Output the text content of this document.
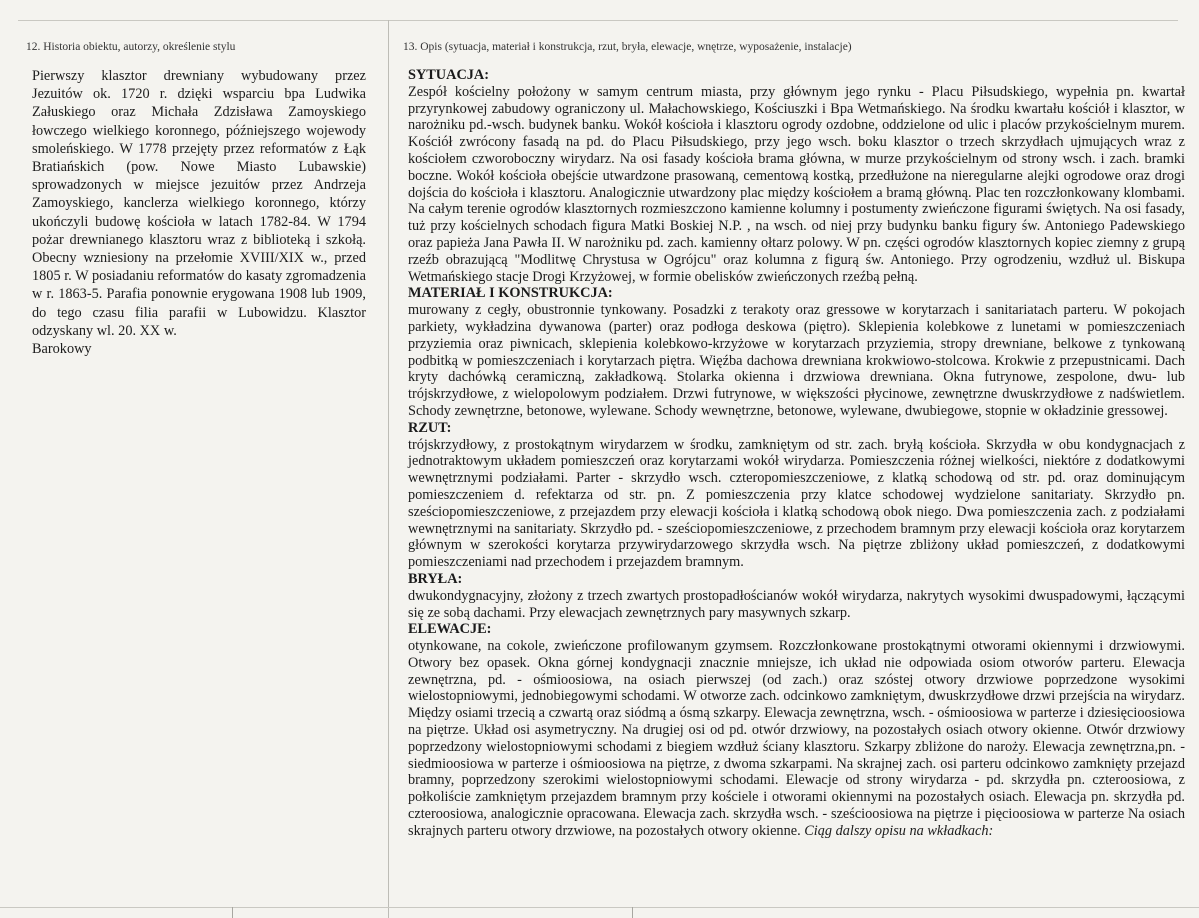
12. Historia obiektu, autorzy, określenie stylu

Pierwszy klasztor drewniany wybudowany przez Jezuitów ok. 1720 r. dzięki wsparciu bpa Ludwika Załuskiego oraz Michała Zdzisława Zamoyskiego łowczego wielkiego koronnego, późniejszego wojewody smoleńskiego. W 1778 przejęty przez reformatów z Łąk Bratiańskich (pow. Nowe Miasto Lubawskie) sprowadzonych w miejsce jezuitów przez Andrzeja Zamoyskiego, kanclerza wielkiego koronnego, którzy ukończyli budowę kościoła w latach 1782-84. W 1794 pożar drewnianego klasztoru wraz z biblioteką i szkołą. Obecny wzniesiony na przełomie XVIII/XIX w., przed 1805 r. W posiadaniu reformatów do kasaty zgromadzenia w r. 1863-5. Parafia ponownie erygowana 1908 lub 1909, do tego czasu filia parafii w Lubowidzu. Klasztor odzyskany wl. 20. XX w.

Barokowy

13. Opis (sytuacja, materiał i konstrukcja, rzut, bryła, elewacje, wnętrze, wyposażenie, instalacje)

SYTUACJA:

Zespół kościelny położony w samym centrum miasta, przy głównym jego rynku - Placu Piłsudskiego, wypełnia pn. kwartał przyrynkowej zabudowy ograniczony ul. Małachowskiego, Kościuszki i Bpa Wetmańskiego. Na środku kwartału kościół i klasztor, w narożniku pd.-wsch. budynek banku. Wokół kościoła i klasztoru ogrody ozdobne, oddzielone od ulic i placów przykościelnym murem. Kościół zwrócony fasadą na pd. do Placu Piłsudskiego, przy jego wsch. boku klasztor o trzech skrzydłach ujmujących wraz z kościołem czworoboczny wirydarz. Na osi fasady kościoła brama główna, w murze przykościelnym od strony wsch. i zach. bramki boczne. Wokół kościoła obejście utwardzone prasowaną, cementową kostką, przedłużone na nieregularne alejki ogrodowe oraz drogi dojścia do kościoła i klasztoru. Analogicznie utwardzony plac między kościołem a bramą główną. Plac ten rozczłonkowany klombami. Na całym terenie ogrodów klasztornych rozmieszczono kamienne kolumny i postumenty zwieńczone figurami świętych. Na osi fasady, tuż przy kościelnych schodach figura Matki Boskiej N.P. , na wsch. od niej przy budynku banku figury św. Antoniego Padewskiego oraz papieża Jana Pawła II. W narożniku pd. zach. kamienny ołtarz polowy. W pn. części ogrodów klasztornych kopiec ziemny z grupą rzeźb obrazującą "Modlitwę Chrystusa w Ogrójcu" oraz kolumna z figurą św. Antoniego. Przy ogrodzeniu, wzdłuż ul. Biskupa Wetmańskiego stacje Drogi Krzyżowej, w formie obelisków zwieńczonych rzeźbą pełną.

MATERIAŁ I KONSTRUKCJA:

murowany z cegły, obustronnie tynkowany. Posadzki z terakoty oraz gressowe w korytarzach i sanitariatach parteru. W pokojach parkiety, wykładzina dywanowa (parter) oraz podłoga deskowa (piętro). Sklepienia kolebkowe z lunetami w pomieszczeniach przyziemia oraz piwnicach, sklepienia kolebkowo-krzyżowe w korytarzach przyziemia, stropy drewniane, belkowe z tynkowaną podbitką w pomieszczeniach i korytarzach piętra. Więźba dachowa drewniana krokwiowo-stolcowa. Krokwie z przepustnicami. Dach kryty dachówką ceramiczną, zakładkową. Stolarka okienna i drzwiowa drewniana. Okna futrynowe, zespolone, dwu- lub trójskrzydłowe, z wielopolowym podziałem. Drzwi futrynowe, w większości płycinowe, zewnętrzne dwuskrzydłowe z nadświetlem. Schody zewnętrzne, betonowe, wylewane. Schody wewnętrzne, betonowe, wylewane, dwubiegowe, stopnie w okładzinie gressowej.

RZUT:

trójskrzydłowy, z prostokątnym wirydarzem w środku, zamkniętym od str. zach. bryłą kościoła. Skrzydła w obu kondygnacjach z jednotraktowym układem pomieszczeń oraz korytarzami wokół wirydarza. Pomieszczenia różnej wielkości, niektóre z dodatkowymi wewnętrznymi podziałami. Parter - skrzydło wsch. czteropomieszczeniowe, z klatką schodową od str. pd. oraz dominującym pomieszczeniem d. refektarza od str. pn. Z pomieszczenia przy klatce schodowej wydzielone sanitariaty. Skrzydło pn. sześciopomieszczeniowe, z przejazdem przy elewacji kościoła i klatką schodową obok niego. Dwa pomieszczenia zach. z podziałami wewnętrznymi na sanitariaty. Skrzydło pd. - sześciopomieszczeniowe, z przechodem bramnym przy elewacji kościoła oraz korytarzem głównym w szerokości korytarza przywirydarzowego skrzydła wsch. Na piętrze zbliżony układ pomieszczeń, z dodatkowymi pomieszczeniami nad przechodem i przejazdem bramnym.

BRYŁA:

dwukondygnacyjny, złożony z trzech zwartych prostopadłościanów wokół wirydarza, nakrytych wysokimi dwuspadowymi, łączącymi się ze sobą dachami. Przy elewacjach zewnętrznych pary masywnych szkarp.

ELEWACJE:

otynkowane, na cokole, zwieńczone profilowanym gzymsem. Rozczłonkowane prostokątnymi otworami okiennymi i drzwiowymi. Otwory bez opasek. Okna górnej kondygnacji znacznie mniejsze, ich układ nie odpowiada osiom otworów parteru. Elewacja zewnętrzna, pd. - ośmioosiowa, na osiach pierwszej (od zach.) oraz szóstej otwory drzwiowe poprzedzone wysokimi wielostopniowymi, jednobiegowymi schodami. W otworze zach. odcinkowo zamkniętym, dwuskrzydłowe drzwi przejścia na wirydarz. Między osiami trzecią a czwartą oraz siódmą a ósmą szkarpy. Elewacja zewnętrzna, wsch. - ośmioosiowa w parterze i dziesięcioosiowa na piętrze. Układ osi asymetryczny. Na drugiej osi od pd. otwór drzwiowy, na pozostałych osiach otwory okienne. Otwór drzwiowy poprzedzony wielostopniowymi schodami z biegiem wzdłuż ściany klasztoru. Szkarpy zbliżone do naroży. Elewacja zewnętrzna,pn. - siedmioosiowa w parterze i ośmioosiowa na piętrze, z dwoma szkarpami. Na skrajnej zach. osi parteru odcinkowo zamknięty przejazd bramny, poprzedzony szerokimi wielostopniowymi schodami. Elewacje od strony wirydarza - pd. skrzydła pn. czteroosiowa, z połkoliście zamkniętym przejazdem bramnym przy kościele i otworami okiennymi na pozostałych osiach. Elewacja pn. skrzydła pd. czteroosiowa, analogicznie opracowana. Elewacja zach. skrzydła wsch. - sześcioosiowa na piętrze i pięcioosiowa w parterze Na osiach skrajnych parteru otwory drzwiowe, na pozostałych otwory okienne. Ciąg dalszy opisu na wkładkach:
